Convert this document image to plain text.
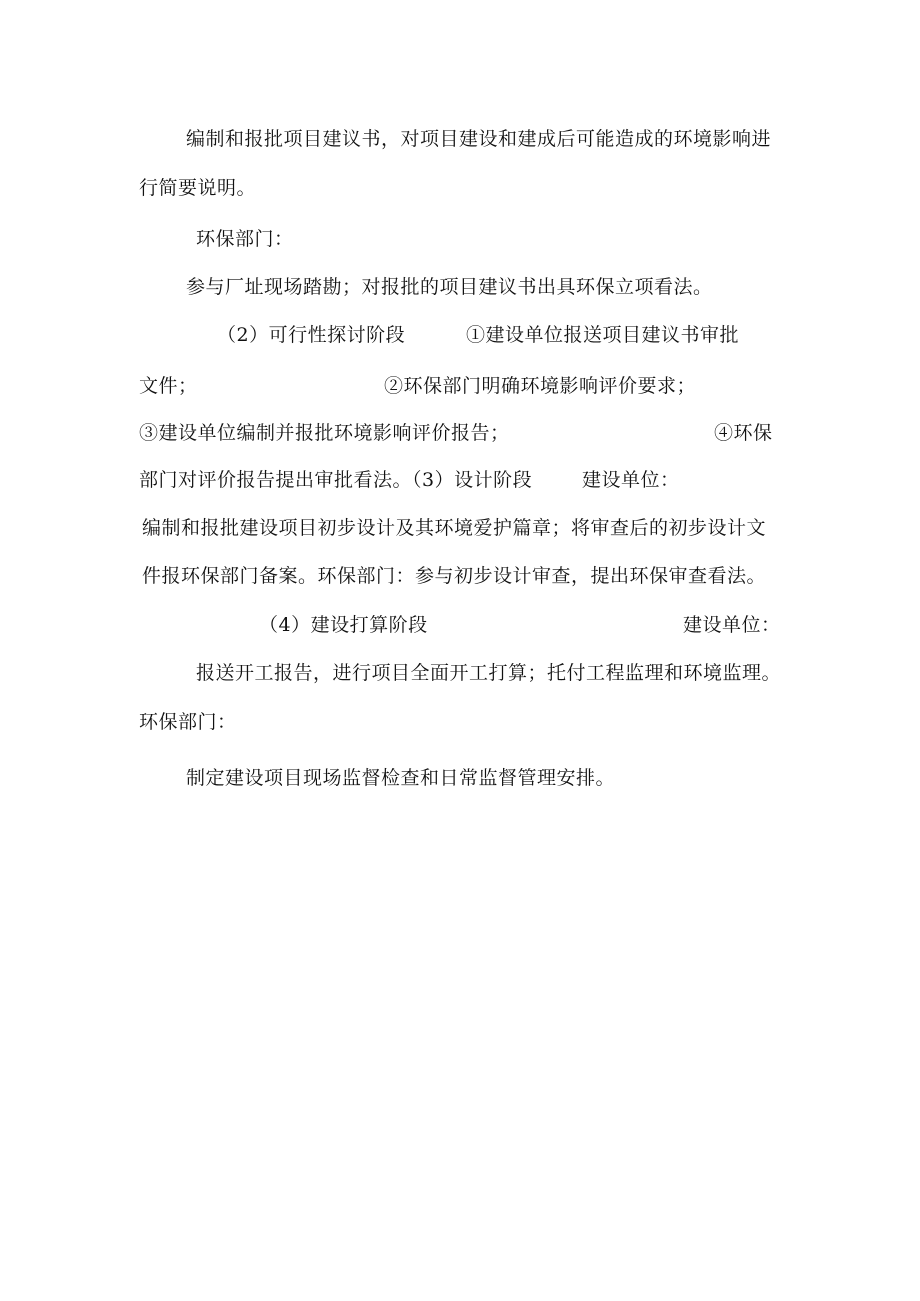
编制和报批项目建议书，对项目建设和建成后可能造成的环境影响进
行简要说明。
环保部门：
参与厂址现场踏勘；对报批的项目建议书出具环保立项看法。
（2）可行性探讨阶段	①建设单位报送项目建议书审批
文件；	②环保部门明确环境影响评价要求；
③建设单位编制并报批环境影响评价报告；	④环保
部门对评价报告提出审批看法。（3）设计阶段	建设单位：
编制和报批建设项目初步设计及其环境爱护篇章；将审查后的初步设计文
件报环保部门备案。环保部门：参与初步设计审查，提出环保审查看法。
（4）建设打算阶段	建设单位：
报送开工报告，进行项目全面开工打算；托付工程监理和环境监理。
环保部门：
制定建设项目现场监督检查和日常监督管理安排。
